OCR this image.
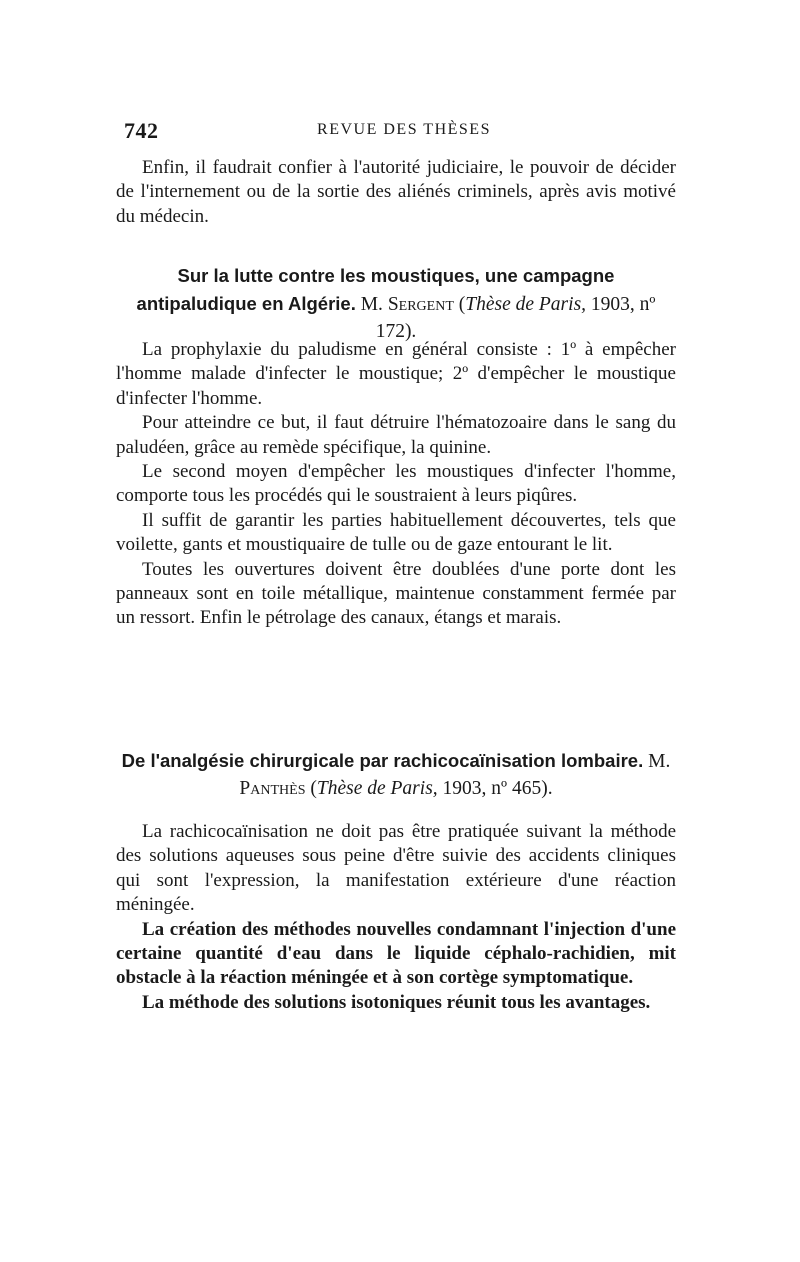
742	REVUE DES THÈSES

Enfin, il faudrait confier à l'autorité judiciaire, le pouvoir de décider de l'internement ou de la sortie des aliénés criminels, après avis motivé du médecin.

Sur la lutte contre les moustiques, une campagne antipaludique en Algérie. M. Sergent (Thèse de Paris, 1903, nº 172).

La prophylaxie du paludisme en général consiste : 1º à empêcher l'homme malade d'infecter le moustique; 2º d'empêcher le moustique d'infecter l'homme.

Pour atteindre ce but, il faut détruire l'hématozoaire dans le sang du paludéen, grâce au remède spécifique, la quinine.

Le second moyen d'empêcher les moustiques d'infecter l'homme, comporte tous les procédés qui le soustraient à leurs piqûres.

Il suffit de garantir les parties habituellement découvertes, tels que voilette, gants et moustiquaire de tulle ou de gaze entourant le lit.

Toutes les ouvertures doivent être doublées d'une porte dont les panneaux sont en toile métallique, maintenue constamment fermée par un ressort. Enfin le pétrolage des canaux, étangs et marais.

De l'analgésie chirurgicale par rachicocaïnisation lombaire. M. Panthès (Thèse de Paris, 1903, nº 465).

La rachicocaïnisation ne doit pas être pratiquée suivant la méthode des solutions aqueuses sous peine d'être suivie des accidents cliniques qui sont l'expression, la manifestation extérieure d'une réaction méningée.

La création des méthodes nouvelles condamnant l'injection d'une certaine quantité d'eau dans le liquide céphalo-rachidien, mit obstacle à la réaction méningée et à son cortège symptomatique.

La méthode des solutions isotoniques réunit tous les avantages.
